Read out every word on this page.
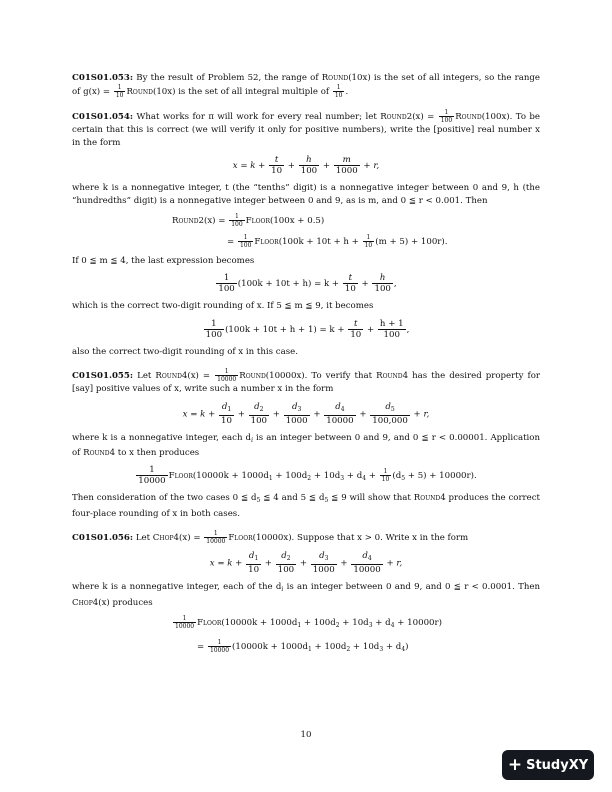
C01S01.053: By the result of Problem 52, the range of Round(10x) is the set of all integers, so the range of $g(x) = \frac{1}{10}$ Round(10x) is the set of all integral multiple of $\frac{1}{10}$ .

C01S01.054: What works for π will work for every real number; let Round2(x) = $\frac{1}{100}$ Round(100x). To be certain that this is correct (we will verify it only for positive numbers), write the [positive] real number x in the form

$x = k + \frac{t}{10} + \frac{h}{100} + \frac{m}{1000} + r$,

where k is a nonnegative integer, t (the “tenths” digit) is a nonnegative integer between 0 and 9, h (the “hundredths” digit) is a nonnegative integer between 0 and 9, as is m, and 0 ≦ r < 0.001. Then

Round2(x) = $\frac{1}{100}$ Floor(100x + 0.5)
= $\frac{1}{100}$ Floor(100k + $10t + h + \frac{1}{10} (m + 5) + 100r$).

If 0 ≦ m ≦ 4, the last expression becomes

$\frac{1}{100} (100k + 10t + h) = k + \frac{t}{10} + \frac{h}{100}$ ,

which is the correct two-digit rounding of x. If 5 ≦ m ≦ 9, it becomes

$\frac{1}{100} (100k + 10t + h + 1) = k + \frac{t}{10} + \frac{h + 1}{100}$ ,

also the correct two-digit rounding of x in this case.

C01S01.055: Let Round4(x) = $\frac{1}{10000}$ Round(10000x). To verify that Round4 has the desired property for [say] positive values of x, write such a number x in the form

$x = k + \frac{d_1}{10} + \frac{d_2}{100} + \frac{d_3}{1000} + \frac{d_4}{10000} + \frac{d_5}{100,000} + r$,

where k is a nonnegative integer, each $d_i$ is an integer between 0 and 9, and 0 ≦ r < 0.00001. Application of Round4 to x then produces

$\frac{1}{10000}$ Floor(10000k + $1000d_1 + 100d_2 + 10d_3 + d_4 + \frac{1}{10} (d_5 + 5) + 10000r$).

Then consideration of the two cases 0 ≦ $d_5$ ≦ 4 and 5 ≦ $d_5$ ≦ 9 will show that Round4 produces the correct four-place rounding of x in both cases.

C01S01.056: Let Chop4(x) = $\frac{1}{10000}$ Floor(10000x). Suppose that x > 0. Write x in the form

$x = k + \frac{d_1}{10} + \frac{d_2}{100} + \frac{d_3}{1000} + \frac{d_4}{10000} + r$,

where k is a nonnegative integer, each of the $d_i$ is an integer between 0 and 9, and 0 ≦ r < 0.0001. Then Chop4(x) produces

$\frac{1}{10000}$ Floor(10000k + $1000d_1 + 100d_2 + 10d_3 + d_4 + 10000r$)
= $\frac{1}{10000} (10000k + 1000d_1 + 100d_2 + 10d_3 + d_4)$
10
+ StudyXY
